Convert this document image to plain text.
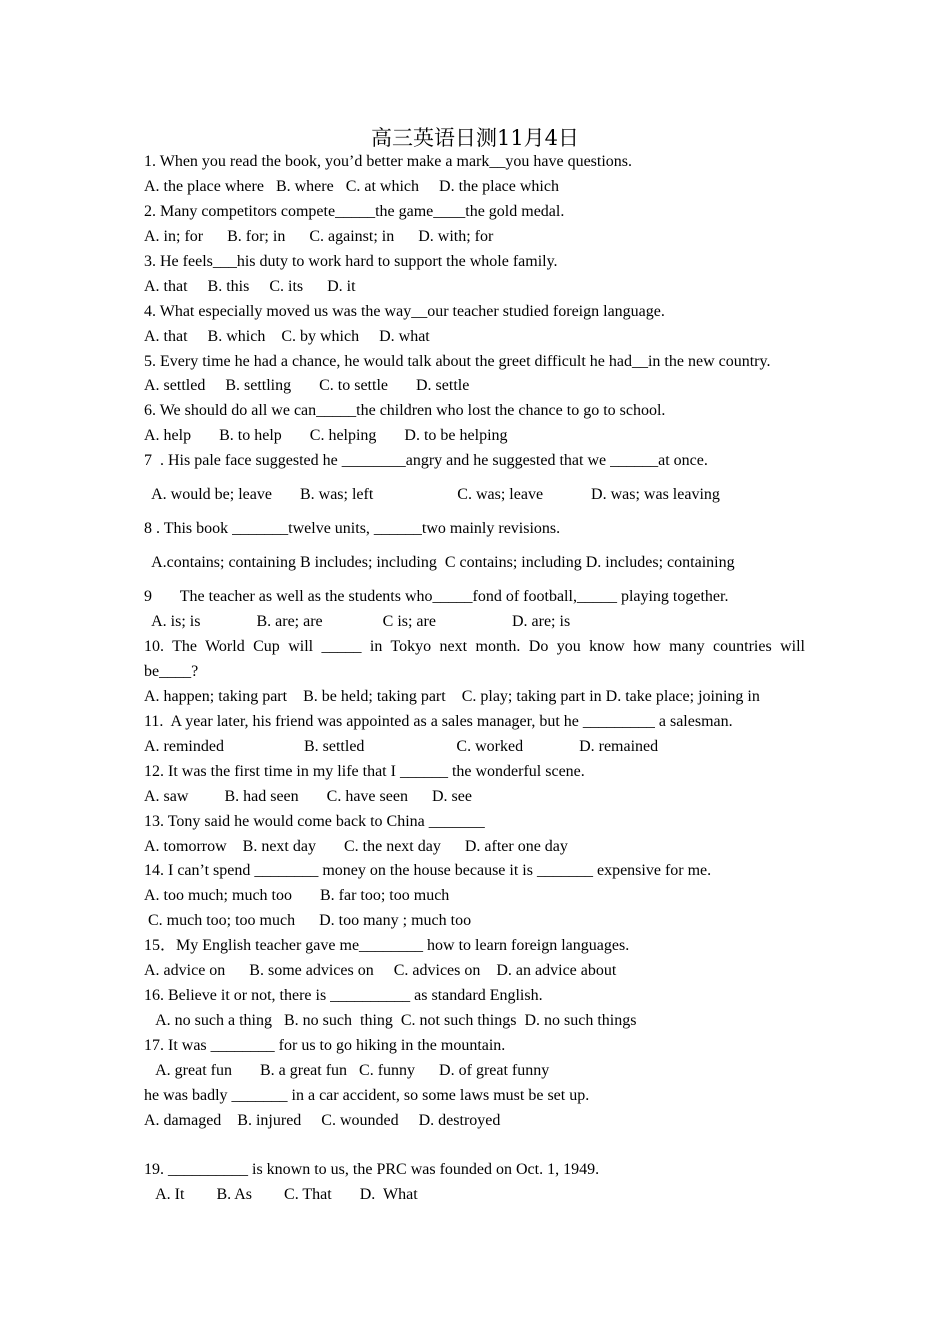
高三英语日测11月4日
1. When you read the book, you’d better make a mark__you have questions.
A. the place where   B. where   C. at which     D. the place which
2. Many competitors compete_____the game____the gold medal.
A. in; for      B. for; in      C. against; in      D. with; for
3. He feels___his duty to work hard to support the whole family.
A. that     B. this     C. its      D. it
4. What especially moved us was the way__our teacher studied foreign language.
A. that     B. which    C. by which     D. what
5. Every time he had a chance, he would talk about the greet difficult he had__in the new country.
A. settled     B. settling       C. to settle       D. settle
6. We should do all we can_____the children who lost the chance to go to school.
A. help       B. to help       C. helping       D. to be helping
7  . His pale face suggested he ________angry and he suggested that we ______at once.
A. would be; leave       B. was; left                     C. was; leave            D. was; was leaving
8 . This book _______twelve units, ______two mainly revisions.
A.contains; containing B includes; including  C contains; including D. includes; containing
9       The teacher as well as the students who_____fond of football,_____ playing together.
A. is; is              B. are; are               C is; are                   D. are; is
10. The World Cup will _____ in Tokyo next month. Do you know how many countries will
be____?
A. happen; taking part    B. be held; taking part    C. play; taking part in D. take place; joining in
11.  A year later, his friend was appointed as a sales manager, but he _________ a salesman.
A. reminded                    B. settled                       C. worked              D. remained
12. It was the first time in my life that I ______ the wonderful scene.
A. saw         B. had seen       C. have seen      D. see
13. Tony said he would come back to China _______
A. tomorrow    B. next day       C. the next day      D. after one day
14. I can’t spend ________ money on the house because it is _______ expensive for me.
A. too much; much too       B. far too; too much
C. much too; too much      D. too many ; much too
15．My English teacher gave me________ how to learn foreign languages.
A. advice on      B. some advices on     C. advices on    D. an advice about
16. Believe it or not, there is __________ as standard English.
A. no such a thing   B. no such  thing  C. not such things  D. no such things
17. It was ________ for us to go hiking in the mountain.
A. great fun       B. a great fun   C. funny      D. of great funny
he was badly _______ in a car accident, so some laws must be set up.
A. damaged    B. injured     C. wounded     D. destroyed
19. __________ is known to us, the PRC was founded on Oct. 1, 1949.
A. It        B. As        C. That       D.  What
